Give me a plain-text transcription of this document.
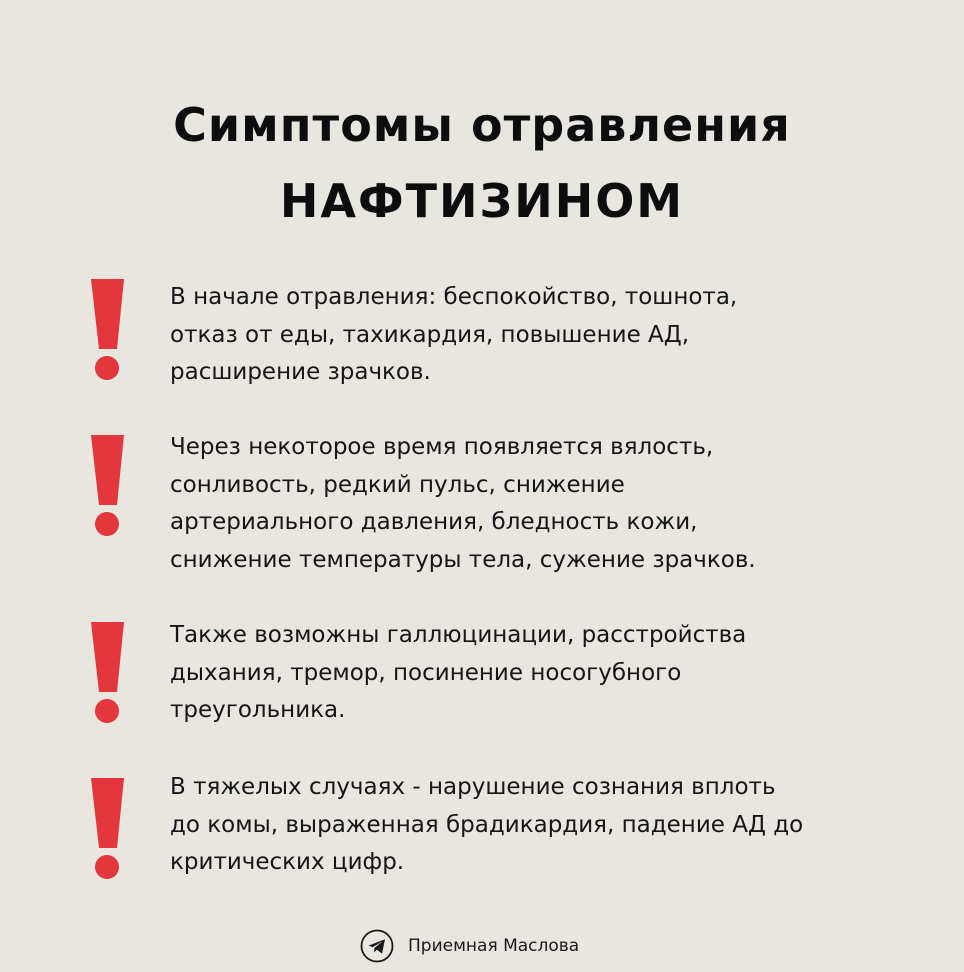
Симптомы отравления
НАФТИЗИНОМ

В начале отравления: беспокойство, тошнота,
отказ от еды, тахикардия, повышение АД,
расширение зрачков.

Через некоторое время появляется вялость,
сонливость, редкий пульс, снижение
артериального давления, бледность кожи,
снижение температуры тела, сужение зрачков.

Также возможны галлюцинации, расстройства
дыхания, тремор, посинение носогубного
треугольника.

В тяжелых случаях - нарушение сознания вплоть
до комы, выраженная брадикардия, падение АД до
критических цифр.

Приемная Маслова
